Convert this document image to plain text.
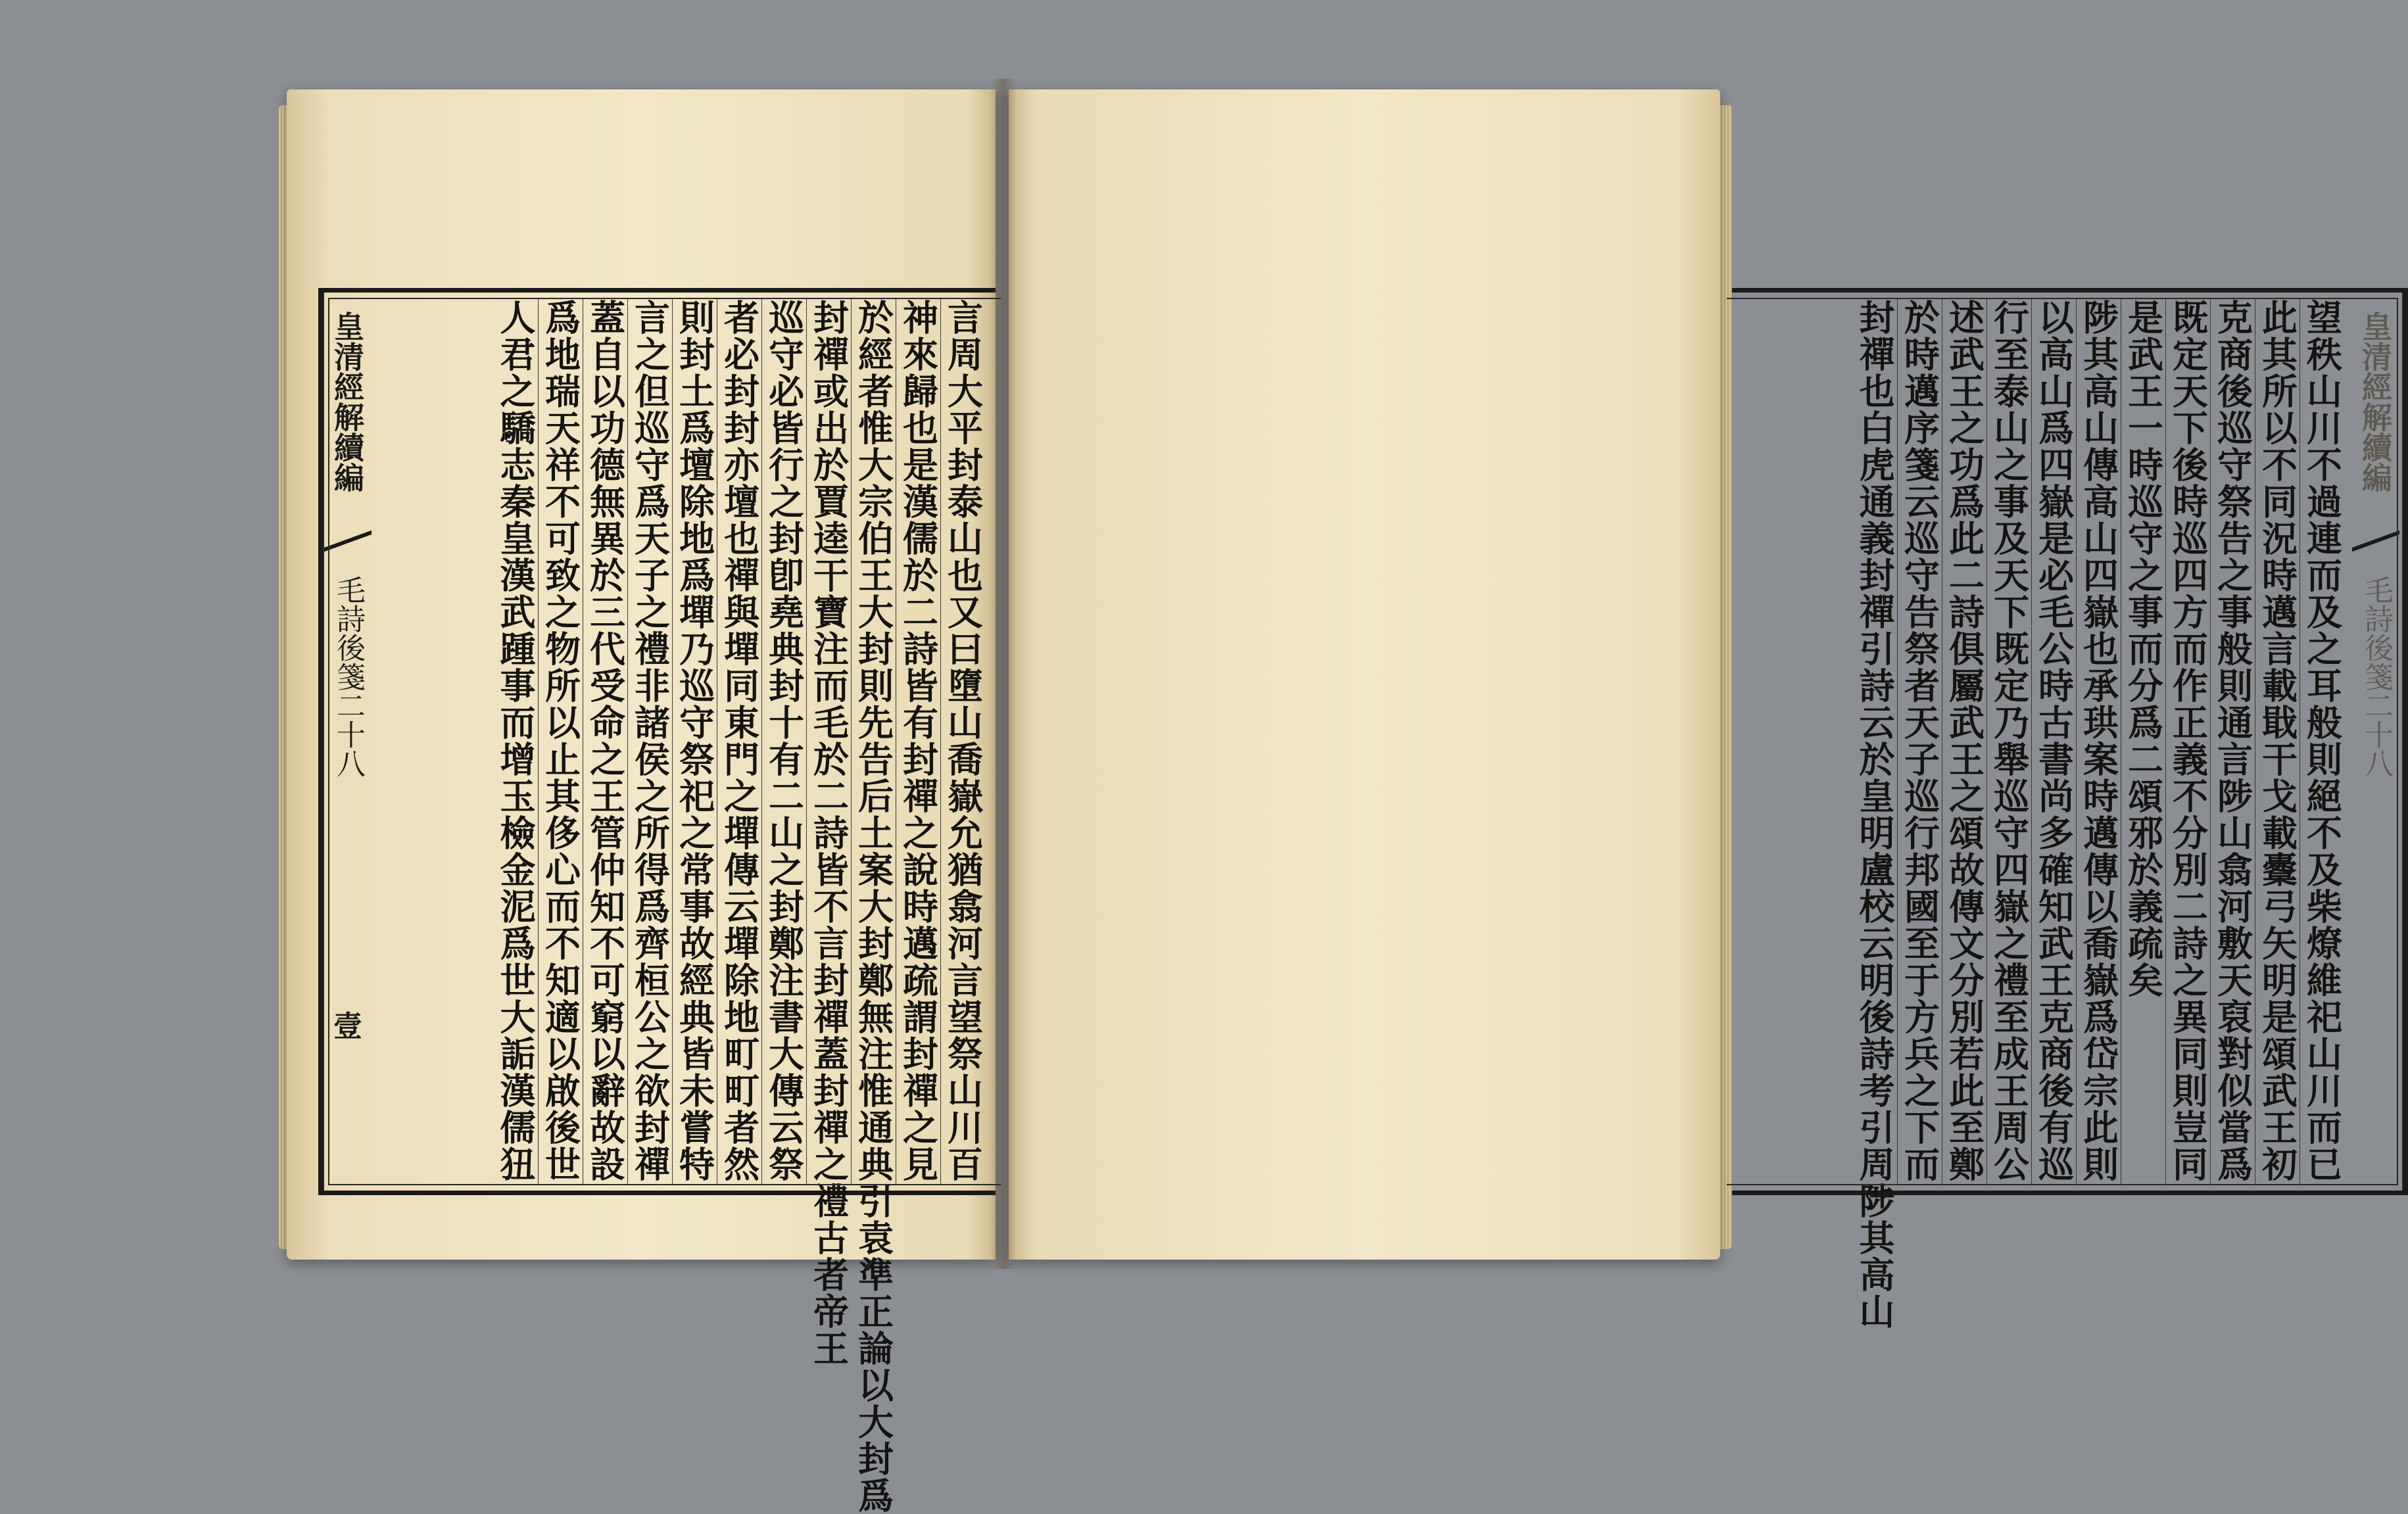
皇清經解續編
毛詩後箋二十八
壹	言周大平封泰山也又曰墮山喬嶽允猶翕河言望祭山川百
神來歸也是漢儒於二詩皆有封禪之說時邁疏謂封禪之見
於經者惟大宗伯王大封則先告后土案大封鄭無注惟通典引袁準正論以大封爲
封禪或出於賈逵干寶注而毛於二詩皆不言封禪蓋封禪之禮古者帝王
巡守必皆行之封卽堯典封十有二山之封鄭注書大傳云祭
者必封封亦壇也禪與墠同東門之墠傳云墠除地町町者然
則封土爲壇除地爲墠乃巡守祭祀之常事故經典皆未嘗特
言之但巡守爲天子之禮非諸侯之所得爲齊桓公之欲封禪
蓋自以功德無異於三代受命之王管仲知不可窮以辭故設
爲地瑞天祥不可致之物所以止其侈心而不知適以啟後世
人君之驕志秦皇漢武踵事而增玉檢金泥爲世大詬漢儒狃	皇清經解續編
毛詩後箋二十八
望秩山川不過連而及之耳般則絕不及柴燎維祀山川而已
此其所以不同況時邁言載戢干戈載櫜弓矢明是頌武王初
克商後巡守祭告之事般則通言陟山翕河敷天裒對似當爲
既定天下後時巡四方而作正義不分別二詩之異同則豈同
是武王一時巡守之事而分爲二頌邪於義疏矣
陟其高山傳高山四嶽也承珙案時邁傳以喬嶽爲岱宗此則
以高山爲四嶽是必毛公時古書尚多確知武王克商後有巡
行至泰山之事及天下既定乃舉巡守四嶽之禮至成王周公
述武王之功爲此二詩俱屬武王之頌故傳文分別若此至鄭
於時邁序箋云巡守告祭者天子巡行邦國至于方兵之下而
封禪也白虎通義封禪引詩云於皇明盧校云明後詩考引周陟其高山
